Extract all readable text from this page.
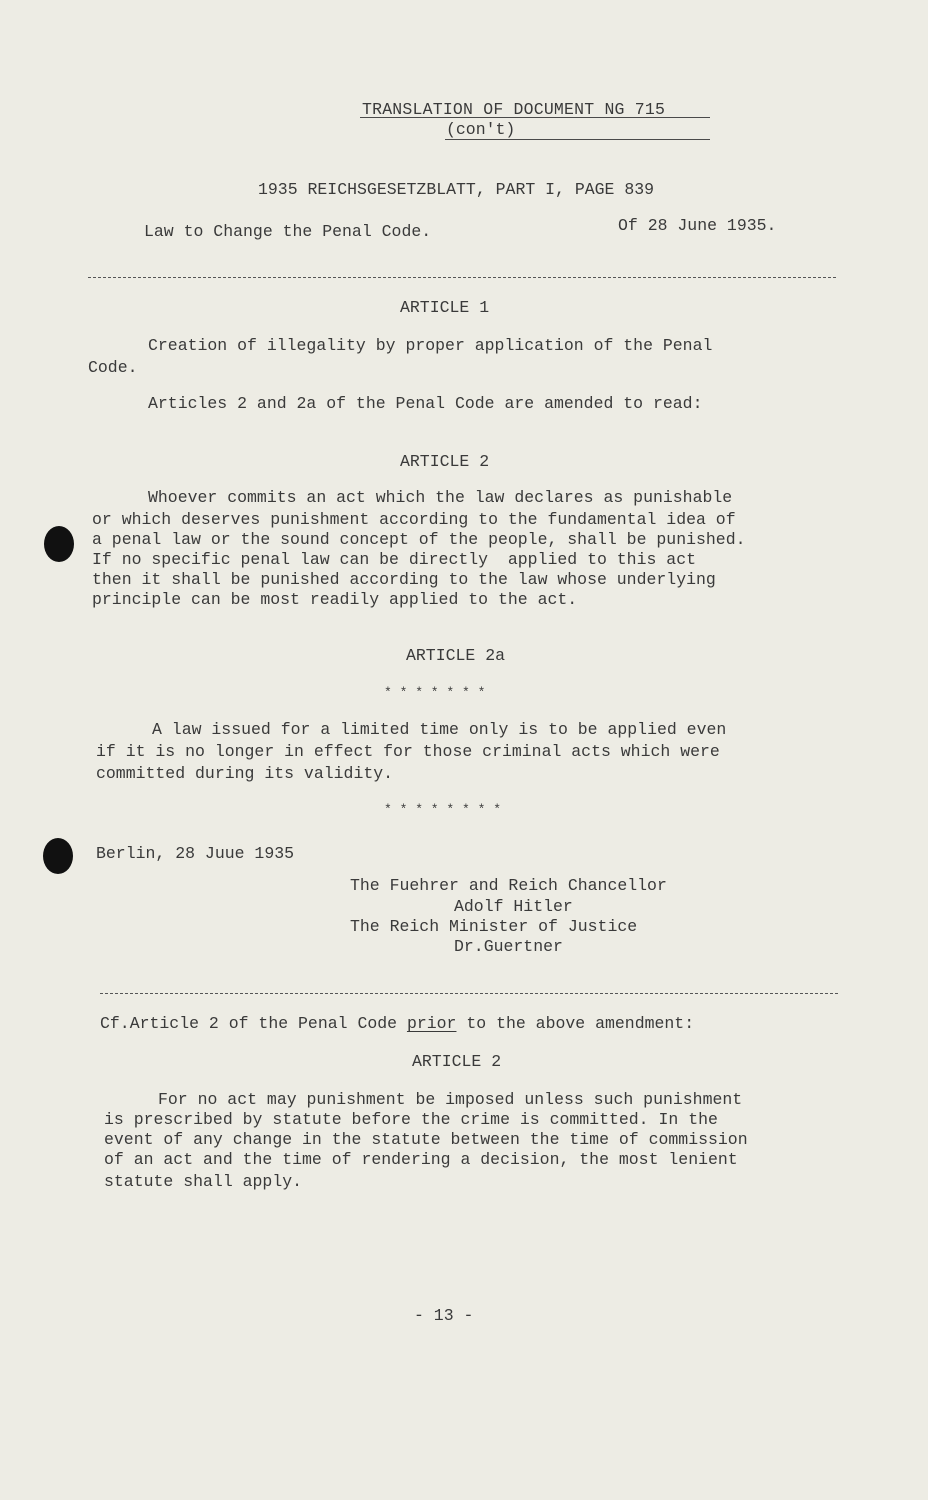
TRANSLATION OF DOCUMENT NG 715
(con't)
1935 REICHSGESETZBLATT, PART I, PAGE 839
Law to Change the Penal Code.	Of 28 June 1935.
ARTICLE 1
Creation of illegality by proper application of the Penal
Code.
Articles 2 and 2a of the Penal Code are amended to read:
ARTICLE 2
Whoever commits an act which the law declares as punishable
or which deserves punishment according to the fundamental idea of
a penal law or the sound concept of the people, shall be punished.
If no specific penal law can be directly  applied to this act
then it shall be punished according to the law whose underlying
principle can be most readily applied to the act.
ARTICLE 2a
* * * * * * *
A law issued for a limited time only is to be applied even
if it is no longer in effect for those criminal acts which were
committed during its validity.
* * * * * * * *
Berlin, 28 Juue 1935
The Fuehrer and Reich Chancellor
Adolf Hitler
The Reich Minister of Justice
Dr.Guertner
Cf.Article 2 of the Penal Code prior to the above amendment:
ARTICLE 2
For no act may punishment be imposed unless such punishment
is prescribed by statute before the crime is committed. In the
event of any change in the statute between the time of commission
of an act and the time of rendering a decision, the most lenient
statute shall apply.
- 13 -
